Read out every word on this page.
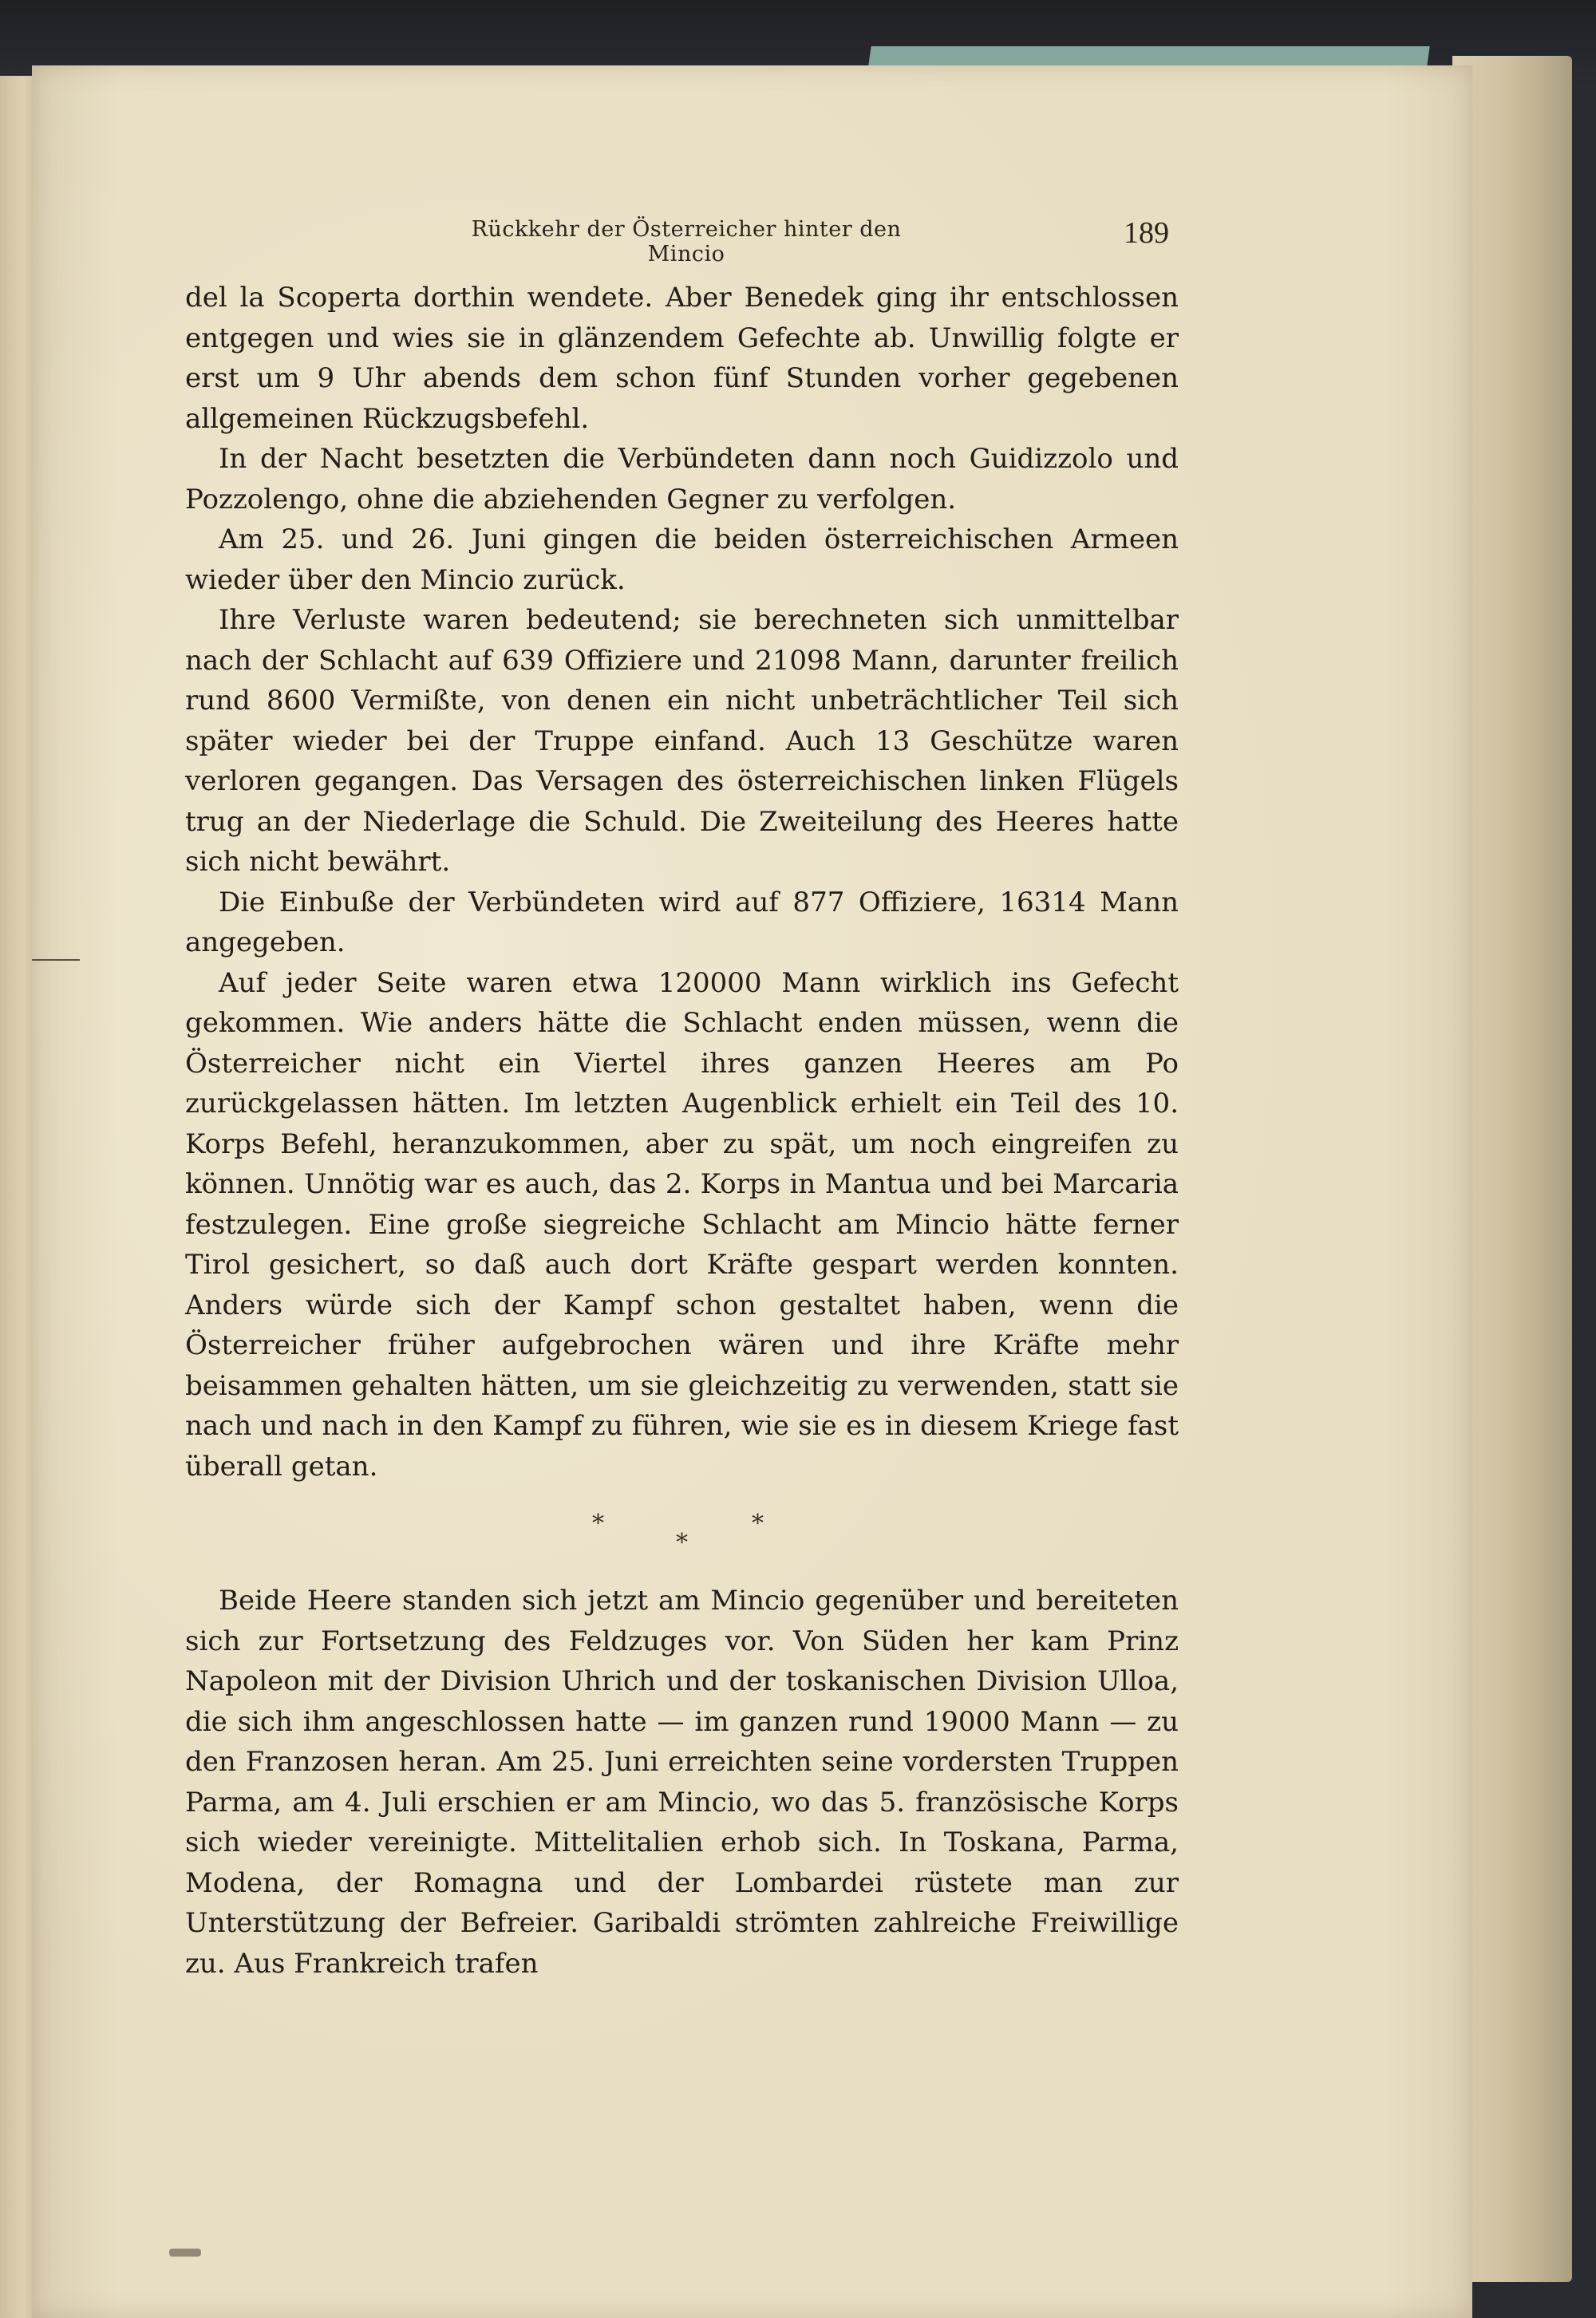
Rückkehr der Österreicher hinter den Mincio
189

del la Scoperta dorthin wendete. Aber Benedek ging ihr entschlossen entgegen und wies sie in glänzendem Gefechte ab. Unwillig folgte er erst um 9 Uhr abends dem schon fünf Stunden vorher gegebenen allgemeinen Rückzugsbefehl.

In der Nacht besetzten die Verbündeten dann noch Guidizzolo und Pozzolengo, ohne die abziehenden Gegner zu verfolgen.

Am 25. und 26. Juni gingen die beiden österreichischen Armeen wieder über den Mincio zurück.

Ihre Verluste waren bedeutend; sie berechneten sich unmittelbar nach der Schlacht auf 639 Offiziere und 21098 Mann, darunter freilich rund 8600 Vermißte, von denen ein nicht unbeträchtlicher Teil sich später wieder bei der Truppe einfand. Auch 13 Geschütze waren verloren gegangen. Das Versagen des österreichischen linken Flügels trug an der Niederlage die Schuld. Die Zweiteilung des Heeres hatte sich nicht bewährt.

Die Einbuße der Verbündeten wird auf 877 Offiziere, 16314 Mann angegeben.

Auf jeder Seite waren etwa 120000 Mann wirklich ins Gefecht gekommen. Wie anders hätte die Schlacht enden müssen, wenn die Österreicher nicht ein Viertel ihres ganzen Heeres am Po zurückgelassen hätten. Im letzten Augenblick erhielt ein Teil des 10. Korps Befehl, heranzukommen, aber zu spät, um noch eingreifen zu können. Unnötig war es auch, das 2. Korps in Mantua und bei Marcaria festzulegen. Eine große siegreiche Schlacht am Mincio hätte ferner Tirol gesichert, so daß auch dort Kräfte gespart werden konnten. Anders würde sich der Kampf schon gestaltet haben, wenn die Österreicher früher aufgebrochen wären und ihre Kräfte mehr beisammen gehalten hätten, um sie gleichzeitig zu verwenden, statt sie nach und nach in den Kampf zu führen, wie sie es in diesem Kriege fast überall getan.

*
*
*

Beide Heere standen sich jetzt am Mincio gegenüber und bereiteten sich zur Fortsetzung des Feldzuges vor. Von Süden her kam Prinz Napoleon mit der Division Uhrich und der toskanischen Division Ulloa, die sich ihm angeschlossen hatte — im ganzen rund 19000 Mann — zu den Franzosen heran. Am 25. Juni erreichten seine vordersten Truppen Parma, am 4. Juli erschien er am Mincio, wo das 5. französische Korps sich wieder vereinigte. Mittelitalien erhob sich. In Toskana, Parma, Modena, der Romagna und der Lombardei rüstete man zur Unterstützung der Befreier. Garibaldi strömten zahlreiche Freiwillige zu. Aus Frankreich trafen
